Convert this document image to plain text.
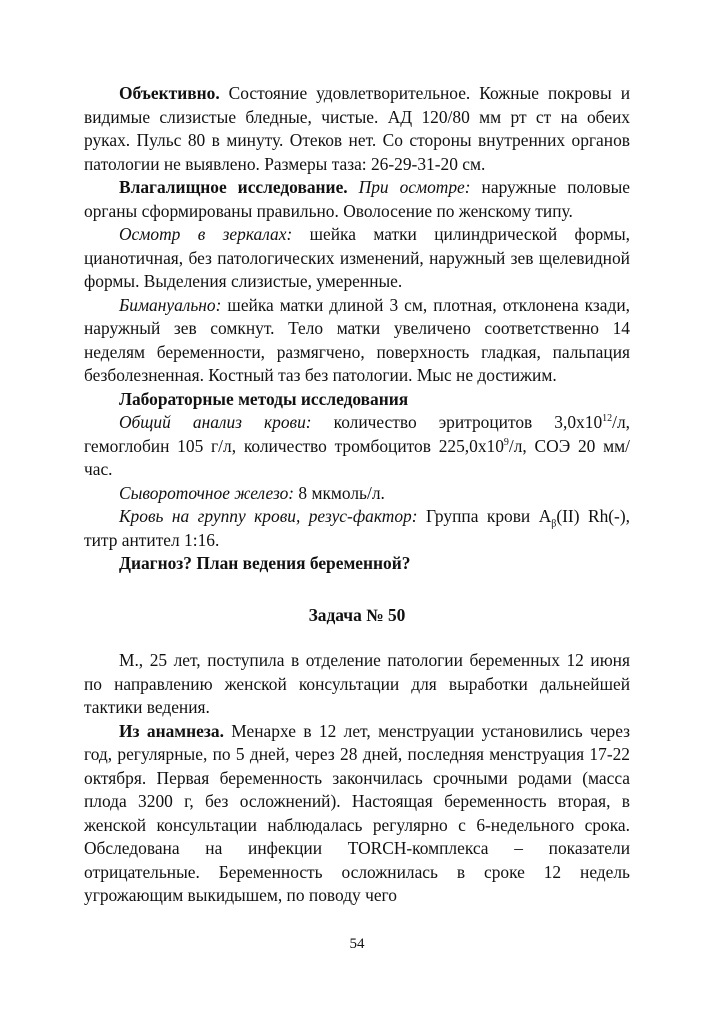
Объективно. Состояние удовлетворительное. Кожные покровы и видимые слизистые бледные, чистые. АД 120/80 мм рт ст на обеих руках. Пульс 80 в минуту. Отеков нет. Со стороны внутренних органов патологии не выявлено. Размеры таза: 26-29-31-20 см.

Влагалищное исследование. При осмотре: наружные половые органы сформированы правильно. Оволосение по женскому типу.

Осмотр в зеркалах: шейка матки цилиндрической формы, цианотичная, без патологических изменений, наружный зев щелевидной формы. Выделения слизистые, умеренные.

Бимануально: шейка матки длиной 3 см, плотная, отклонена кзади, наружный зев сомкнут. Тело матки увеличено соответственно 14 неделям беременности, размягчено, поверхность гладкая, пальпация безболезненная. Костный таз без патологии. Мыс не достижим.

Лабораторные методы исследования

Общий анализ крови: количество эритроцитов $3,0х10^{12}/л$, гемоглобин 105 г/л, количество тромбоцитов $225,0х10^9/л$, СОЭ 20 мм/час.

Сывороточное железо: 8 мкмоль/л.

Кровь на группу крови, резус-фактор: Группа крови $А_\beta(II)$ Rh(-), титр антител 1:16.

Диагноз? План ведения беременной?

Задача № 50

М., 25 лет, поступила в отделение патологии беременных 12 июня по направлению женской консультации для выработки дальнейшей тактики ведения.

Из анамнеза. Менархе в 12 лет, менструации установились через год, регулярные, по 5 дней, через 28 дней, последняя менструация 17-22 октября. Первая беременность закончилась срочными родами (масса плода 3200 г, без осложнений). Настоящая беременность вторая, в женской консультации наблюдалась регулярно с 6-недельного срока. Обследована на инфекции TORCH-комплекса – показатели отрицательные. Беременность осложнилась в сроке 12 недель угрожающим выкидышем, по поводу чего

54
